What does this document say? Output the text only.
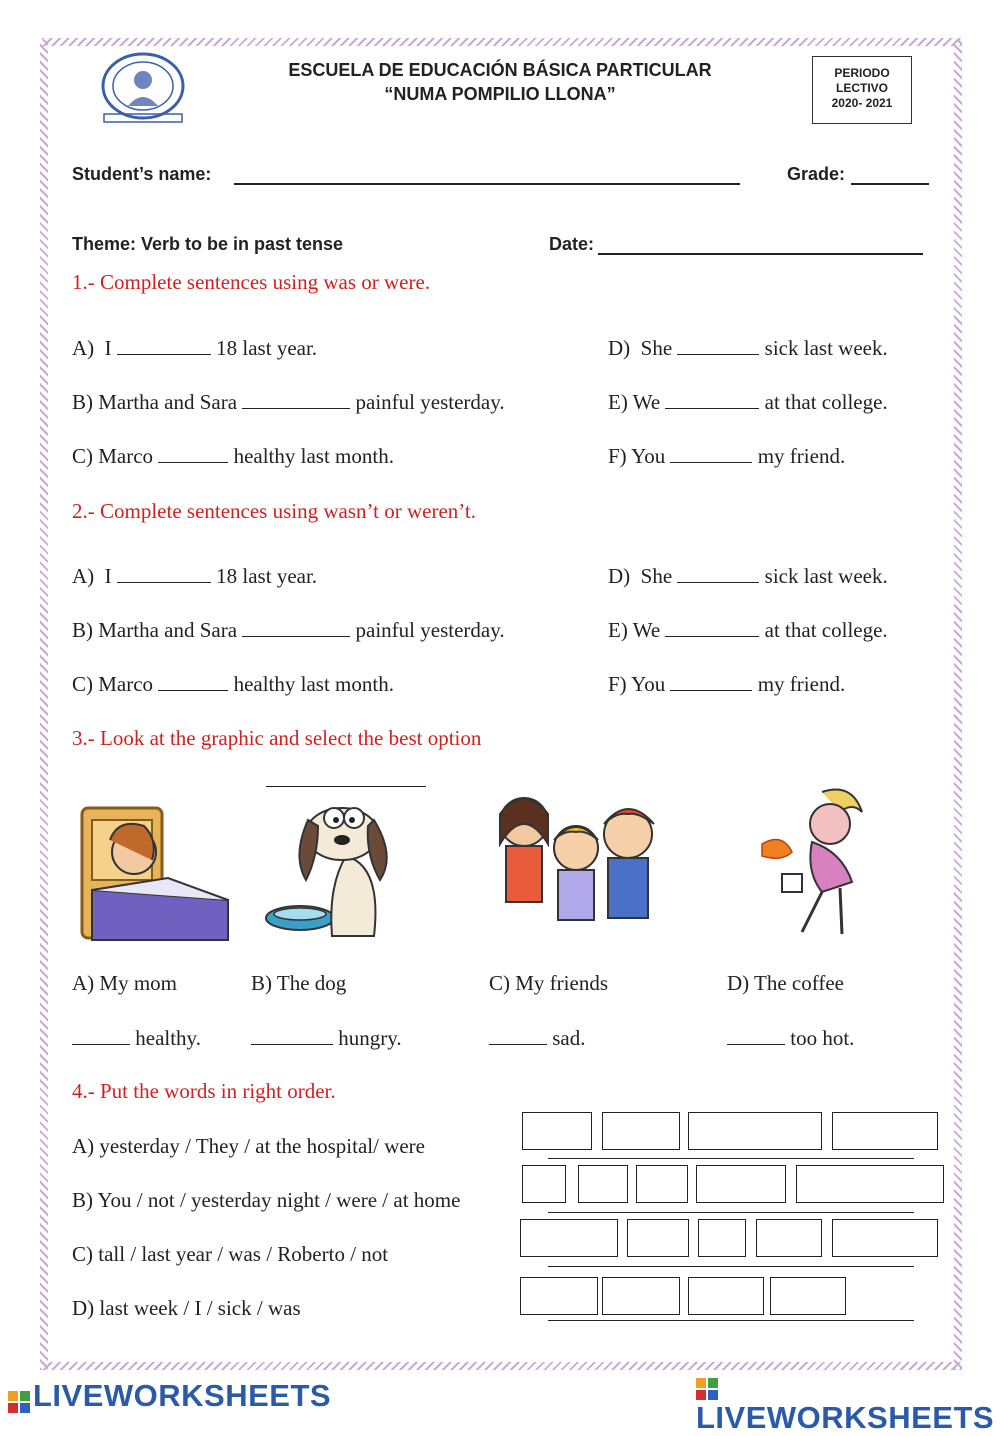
ESCUELA DE EDUCACIÓN BÁSICA PARTICULAR
“NUMA POMPILIO LLONA”
PERIODO
LECTIVO
2020- 2021
Student’s name:	Grade:
Theme: Verb to be in past tense	Date:
1.- Complete sentences using was or were.
A)  I	18 last year.
B) Martha and Sara	painful yesterday.
C) Marco	healthy last month.
D)  She	sick last week.
E) We	at that college.
F) You	my friend.
2.- Complete sentences using wasn’t or weren’t.
A)  I	18 last year.
B) Martha and Sara	painful yesterday.
C) Marco	healthy last month.
D)  She	sick last week.
E) We	at that college.
F) You	my friend.
3.- Look at the graphic and select the best option
A) My mom	B) The dog	C) My friends	D) The coffee
healthy.	hungry.	sad.	too hot.
4.- Put the words in right order.
A) yesterday / They / at the hospital/ were
B) You / not / yesterday night / were / at home
C) tall / last year / was / Roberto / not
D) last week / I / sick / was
LIVEWORKSHEETS
LIVEWORKSHEETS
